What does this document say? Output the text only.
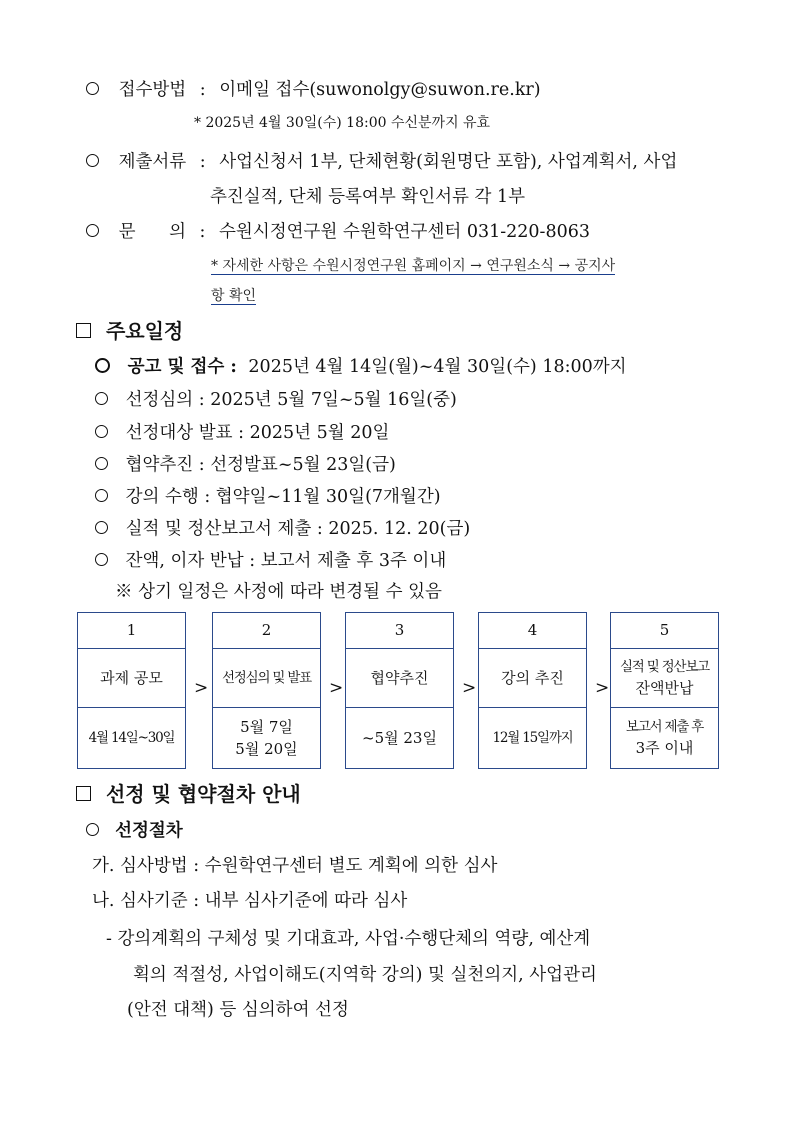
접수방법 : 이메일 접수(suwonolgy@suwon.re.kr)
* 2025년 4월 30일(수) 18:00 수신분까지 유효
제출서류 : 사업신청서 1부, 단체현황(회원명단 포함), 사업계획서, 사업
추진실적, 단체 등록여부 확인서류 각 1부
문 의 : 수원시정연구원 수원학연구센터 031-220-8063
* 자세한 사항은 수원시정연구원 홈페이지 → 연구원소식 → 공지사
항 확인
주요일정
공고 및 접수 : 2025년 4월 14일(월)~4월 30일(수) 18:00까지
선정심의 : 2025년 5월 7일~5월 16일(중)
선정대상 발표 : 2025년 5월 20일
협약추진 : 선정발표~5월 23일(금)
강의 수행 : 협약일~11월 30일(7개월간)
실적 및 정산보고서 제출 : 2025. 12. 20(금)
잔액, 이자 반납 : 보고서 제출 후 3주 이내
※ 상기 일정은 사정에 따라 변경될 수 있음
1
과제 공모
4월 14일~30일
>
2
선정심의 및 발표
5월 7일
5월 20일
>
3
협약추진
~5월 23일
>
4
강의 추진
12월 15일까지
>
5
실적 및 정산보고
잔액반납
보고서 제출 후
3주 이내
선정 및 협약절차 안내
선정절차
가. 심사방법 : 수원학연구센터 별도 계획에 의한 심사
나. 심사기준 : 내부 심사기준에 따라 심사
- 강의계획의 구체성 및 기대효과, 사업·수행단체의 역량, 예산계
획의 적절성, 사업이해도(지역학 강의) 및 실천의지, 사업관리
(안전 대책) 등 심의하여 선정
